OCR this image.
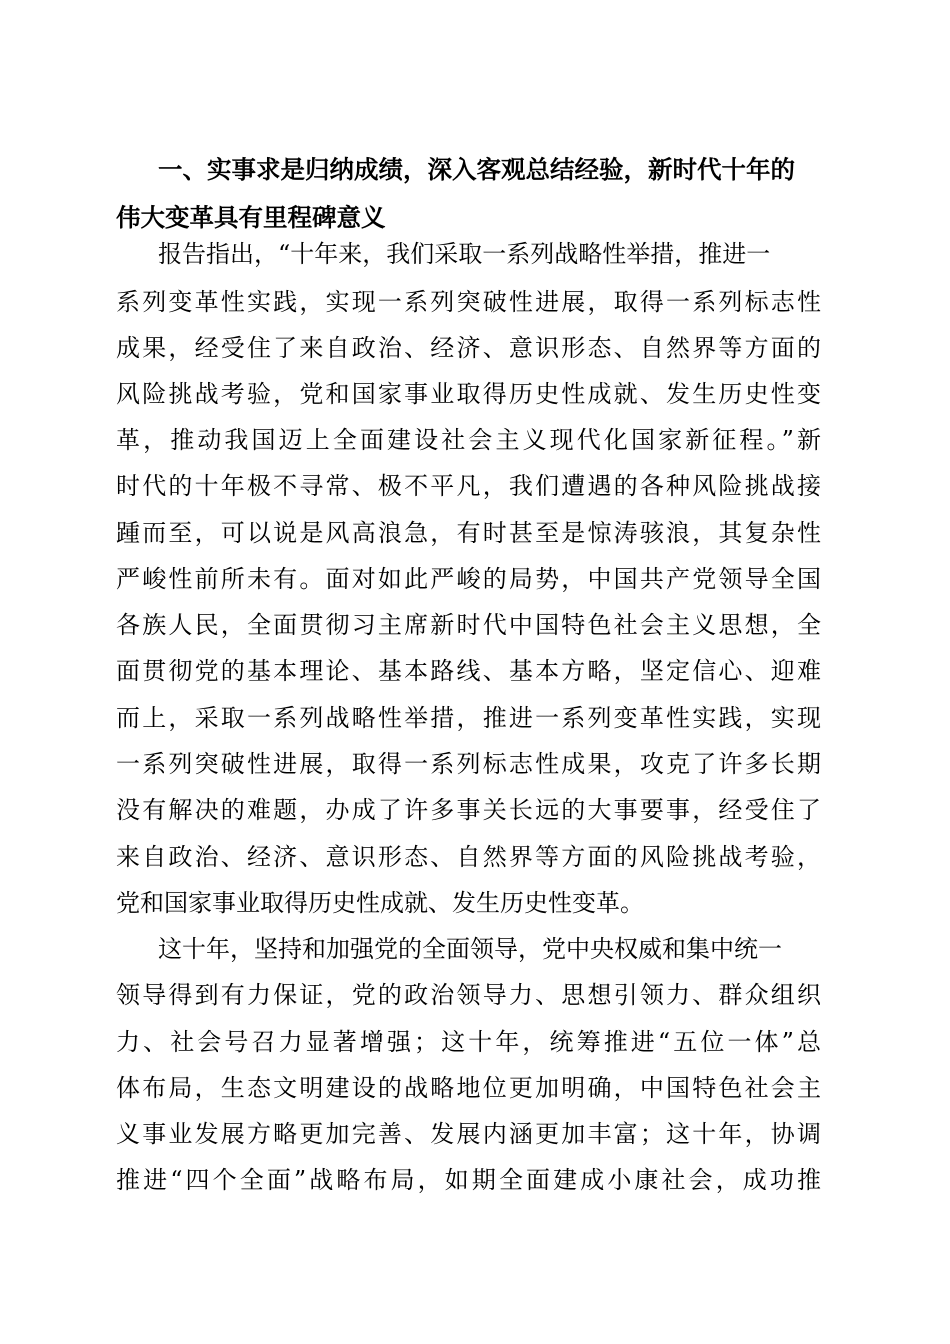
一、实事求是归纳成绩，深入客观总结经验，新时代十年的
伟大变革具有里程碑意义
报告指出，“十年来，我们采取一系列战略性举措，推进一
系列变革性实践，实现一系列突破性进展，取得一系列标志性
成果，经受住了来自政治、经济、意识形态、自然界等方面的
风险挑战考验，党和国家事业取得历史性成就、发生历史性变
革，推动我国迈上全面建设社会主义现代化国家新征程。”新
时代的十年极不寻常、极不平凡，我们遭遇的各种风险挑战接
踵而至，可以说是风高浪急，有时甚至是惊涛骇浪，其复杂性
严峻性前所未有。面对如此严峻的局势，中国共产党领导全国
各族人民，全面贯彻习主席新时代中国特色社会主义思想，全
面贯彻党的基本理论、基本路线、基本方略，坚定信心、迎难
而上，采取一系列战略性举措，推进一系列变革性实践，实现
一系列突破性进展，取得一系列标志性成果，攻克了许多长期
没有解决的难题，办成了许多事关长远的大事要事，经受住了
来自政治、经济、意识形态、自然界等方面的风险挑战考验，
党和国家事业取得历史性成就、发生历史性变革。
这十年，坚持和加强党的全面领导，党中央权威和集中统一
领导得到有力保证，党的政治领导力、思想引领力、群众组织
力、社会号召力显著增强；这十年，统筹推进“五位一体”总
体布局，生态文明建设的战略地位更加明确，中国特色社会主
义事业发展方略更加完善、发展内涵更加丰富；这十年，协调
推进“四个全面”战略布局，如期全面建成小康社会，成功推
